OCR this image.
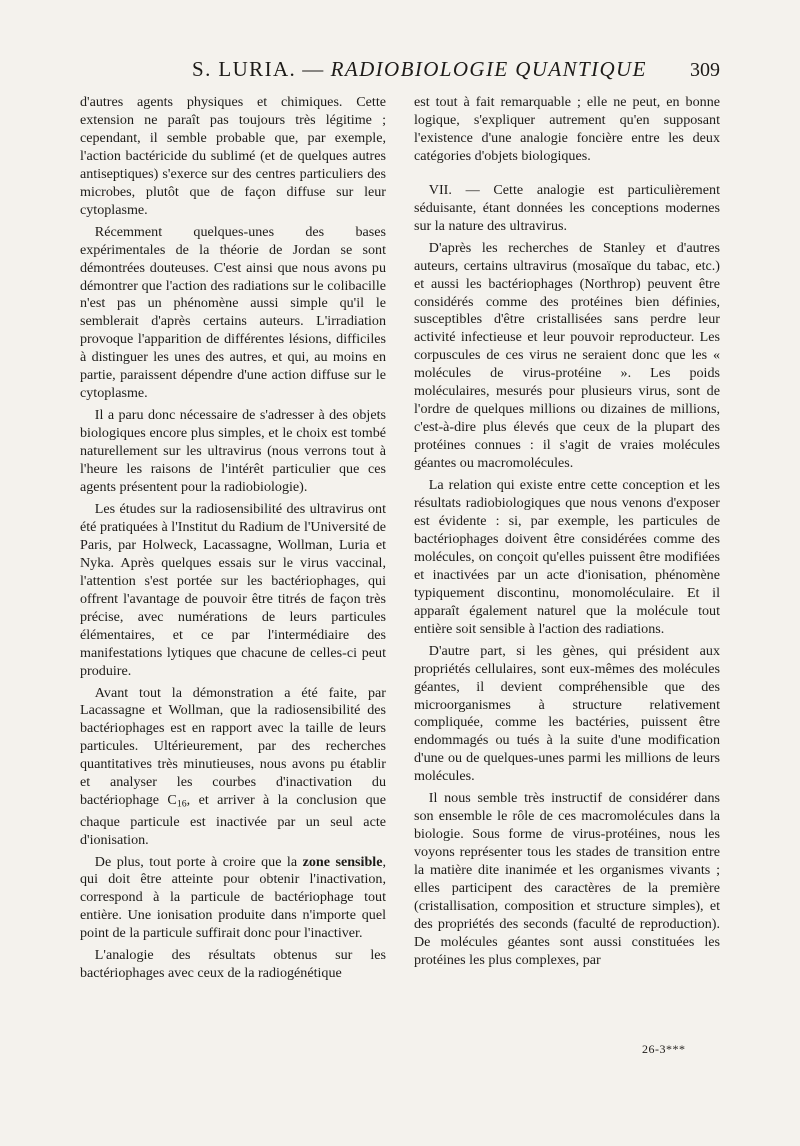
S. LURIA. — RADIOBIOLOGIE QUANTIQUE 309

d'autres agents physiques et chimiques. Cette extension ne paraît pas toujours très légitime ; cependant, il semble probable que, par exemple, l'action bactéricide du sublimé (et de quelques autres antiseptiques) s'exerce sur des centres particuliers des microbes, plutôt que de façon diffuse sur leur cytoplasme.

Récemment quelques-unes des bases expérimentales de la théorie de Jordan se sont démontrées douteuses. C'est ainsi que nous avons pu démontrer que l'action des radiations sur le colibacille n'est pas un phénomène aussi simple qu'il le semblerait d'après certains auteurs. L'irradiation provoque l'apparition de différentes lésions, difficiles à distinguer les unes des autres, et qui, au moins en partie, paraissent dépendre d'une action diffuse sur le cytoplasme.

Il a paru donc nécessaire de s'adresser à des objets biologiques encore plus simples, et le choix est tombé naturellement sur les ultravirus (nous verrons tout à l'heure les raisons de l'intérêt particulier que ces agents présentent pour la radiobiologie).

Les études sur la radiosensibilité des ultravirus ont été pratiquées à l'Institut du Radium de l'Université de Paris, par Holweck, Lacassagne, Wollman, Luria et Nyka. Après quelques essais sur le virus vaccinal, l'attention s'est portée sur les bactériophages, qui offrent l'avantage de pouvoir être titrés de façon très précise, avec numérations de leurs particules élémentaires, et ce par l'intermédiaire des manifestations lytiques que chacune de celles-ci peut produire.

Avant tout la démonstration a été faite, par Lacassagne et Wollman, que la radiosensibilité des bactériophages est en rapport avec la taille de leurs particules. Ultérieurement, par des recherches quantitatives très minutieuses, nous avons pu établir et analyser les courbes d'inactivation du bactériophage $C_{16}$, et arriver à la conclusion que chaque particule est inactivée par un seul acte d'ionisation.

De plus, tout porte à croire que la zone sensible, qui doit être atteinte pour obtenir l'inactivation, correspond à la particule de bactériophage tout entière. Une ionisation produite dans n'importe quel point de la particule suffirait donc pour l'inactiver.

L'analogie des résultats obtenus sur les bactériophages avec ceux de la radiogénétique

est tout à fait remarquable ; elle ne peut, en bonne logique, s'expliquer autrement qu'en supposant l'existence d'une analogie foncière entre les deux catégories d'objets biologiques.

VII. — Cette analogie est particulièrement séduisante, étant données les conceptions modernes sur la nature des ultravirus.

D'après les recherches de Stanley et d'autres auteurs, certains ultravirus (mosaïque du tabac, etc.) et aussi les bactériophages (Northrop) peuvent être considérés comme des protéines bien définies, susceptibles d'être cristallisées sans perdre leur activité infectieuse et leur pouvoir reproducteur. Les corpuscules de ces virus ne seraient donc que les « molécules de virus-protéine ». Les poids moléculaires, mesurés pour plusieurs virus, sont de l'ordre de quelques millions ou dizaines de millions, c'est-à-dire plus élevés que ceux de la plupart des protéines connues : il s'agit de vraies molécules géantes ou macromolécules.

La relation qui existe entre cette conception et les résultats radiobiologiques que nous venons d'exposer est évidente : si, par exemple, les particules de bactériophages doivent être considérées comme des molécules, on conçoit qu'elles puissent être modifiées et inactivées par un acte d'ionisation, phénomène typiquement discontinu, monomoléculaire. Et il apparaît également naturel que la molécule tout entière soit sensible à l'action des radiations.

D'autre part, si les gènes, qui président aux propriétés cellulaires, sont eux-mêmes des molécules géantes, il devient compréhensible que des microorganismes à structure relativement compliquée, comme les bactéries, puissent être endommagés ou tués à la suite d'une modification d'une ou de quelques-unes parmi les millions de leurs molécules.

Il nous semble très instructif de considérer dans son ensemble le rôle de ces macromolécules dans la biologie. Sous forme de virus-protéines, nous les voyons représenter tous les stades de transition entre la matière dite inanimée et les organismes vivants ; elles participent des caractères de la première (cristallisation, composition et structure simples), et des propriétés des seconds (faculté de reproduction). De molécules géantes sont aussi constituées les protéines les plus complexes, par

26-3***
